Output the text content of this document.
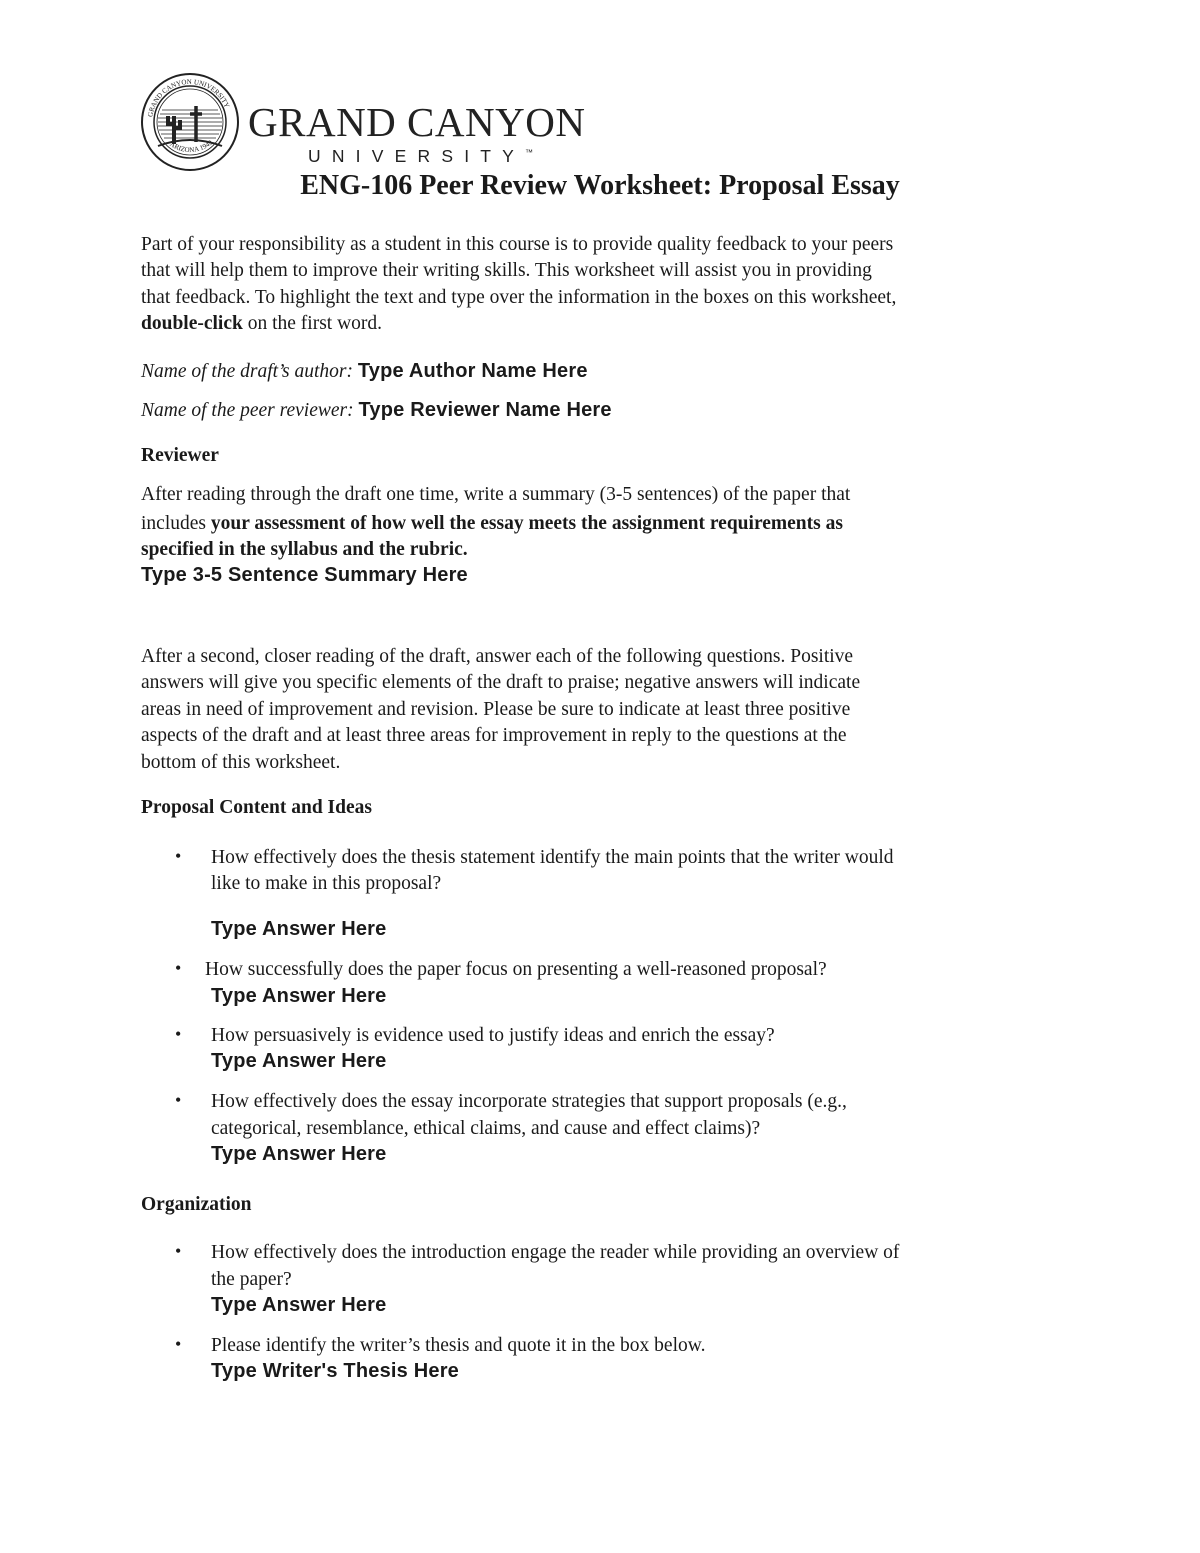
GRAND CANYON UNIVERSITY
ARIZONA 1949 GRAND CANYON
UNIVERSITY™
ENG-106 Peer Review Worksheet: Proposal Essay
Part of your responsibility as a student in this course is to provide quality feedback to your peers
that will help them to improve their writing skills. This worksheet will assist you in providing
that feedback. To highlight the text and type over the information in the boxes on this worksheet,
double-click on the first word.
Name of the draft’s author: Type Author Name Here
Name of the peer reviewer: Type Reviewer Name Here
Reviewer
After reading through the draft one time, write a summary (3-5 sentences) of the paper that
includes your assessment of how well the essay meets the assignment requirements as
specified in the syllabus and the rubric.
Type 3-5 Sentence Summary Here
After a second, closer reading of the draft, answer each of the following questions. Positive
answers will give you specific elements of the draft to praise; negative answers will indicate
areas in need of improvement and revision. Please be sure to indicate at least three positive
aspects of the draft and at least three areas for improvement in reply to the questions at the
bottom of this worksheet.
Proposal Content and Ideas
• How effectively does the thesis statement identify the main points that the writer would
like to make in this proposal?
Type Answer Here
• How successfully does the paper focus on presenting a well-reasoned proposal?
Type Answer Here
• How persuasively is evidence used to justify ideas and enrich the essay?
Type Answer Here
• How effectively does the essay incorporate strategies that support proposals (e.g.,
categorical, resemblance, ethical claims, and cause and effect claims)?
Type Answer Here
Organization
• How effectively does the introduction engage the reader while providing an overview of
the paper?
Type Answer Here
• Please identify the writer’s thesis and quote it in the box below.
Type Writer's Thesis Here
